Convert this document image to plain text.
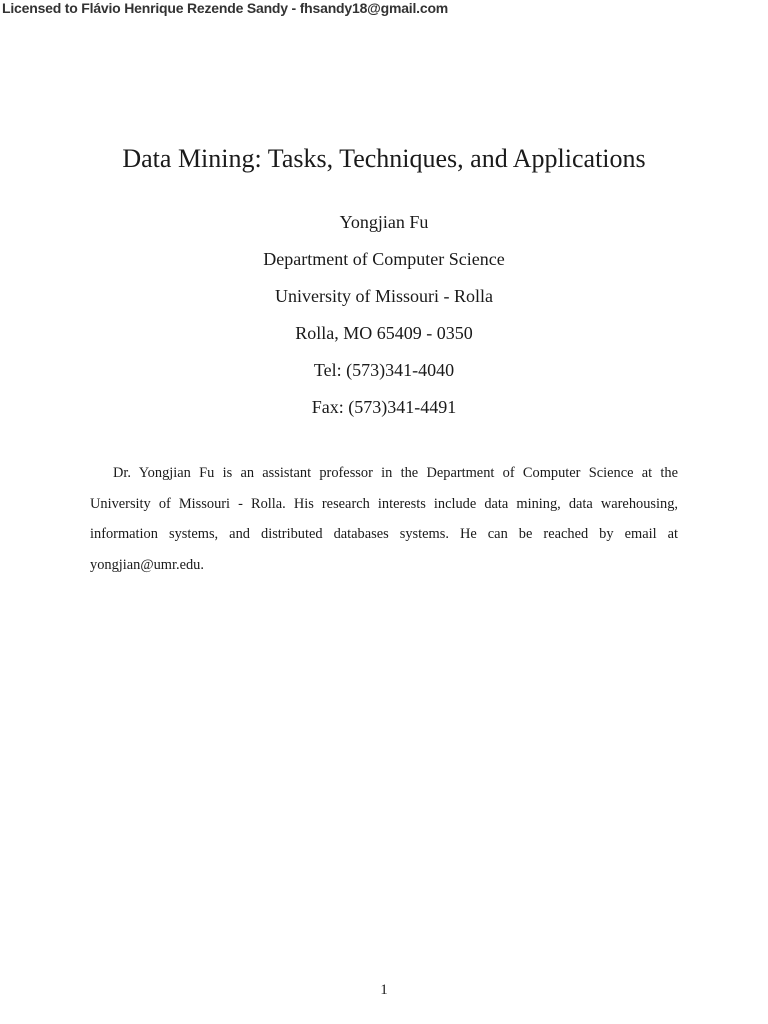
Licensed to Flávio Henrique Rezende Sandy - fhsandy18@gmail.com
Data Mining: Tasks, Techniques, and Applications

Yongjian Fu

Department of Computer Science

University of Missouri - Rolla

Rolla, MO 65409 - 0350

Tel: (573)341-4040

Fax: (573)341-4491

Dr. Yongjian Fu is an assistant professor in the Department of Computer Science at the
University of Missouri - Rolla. His research interests include data mining, data warehousing,
information systems, and distributed databases systems. He can be reached by email at
yongjian@umr.edu.
1
